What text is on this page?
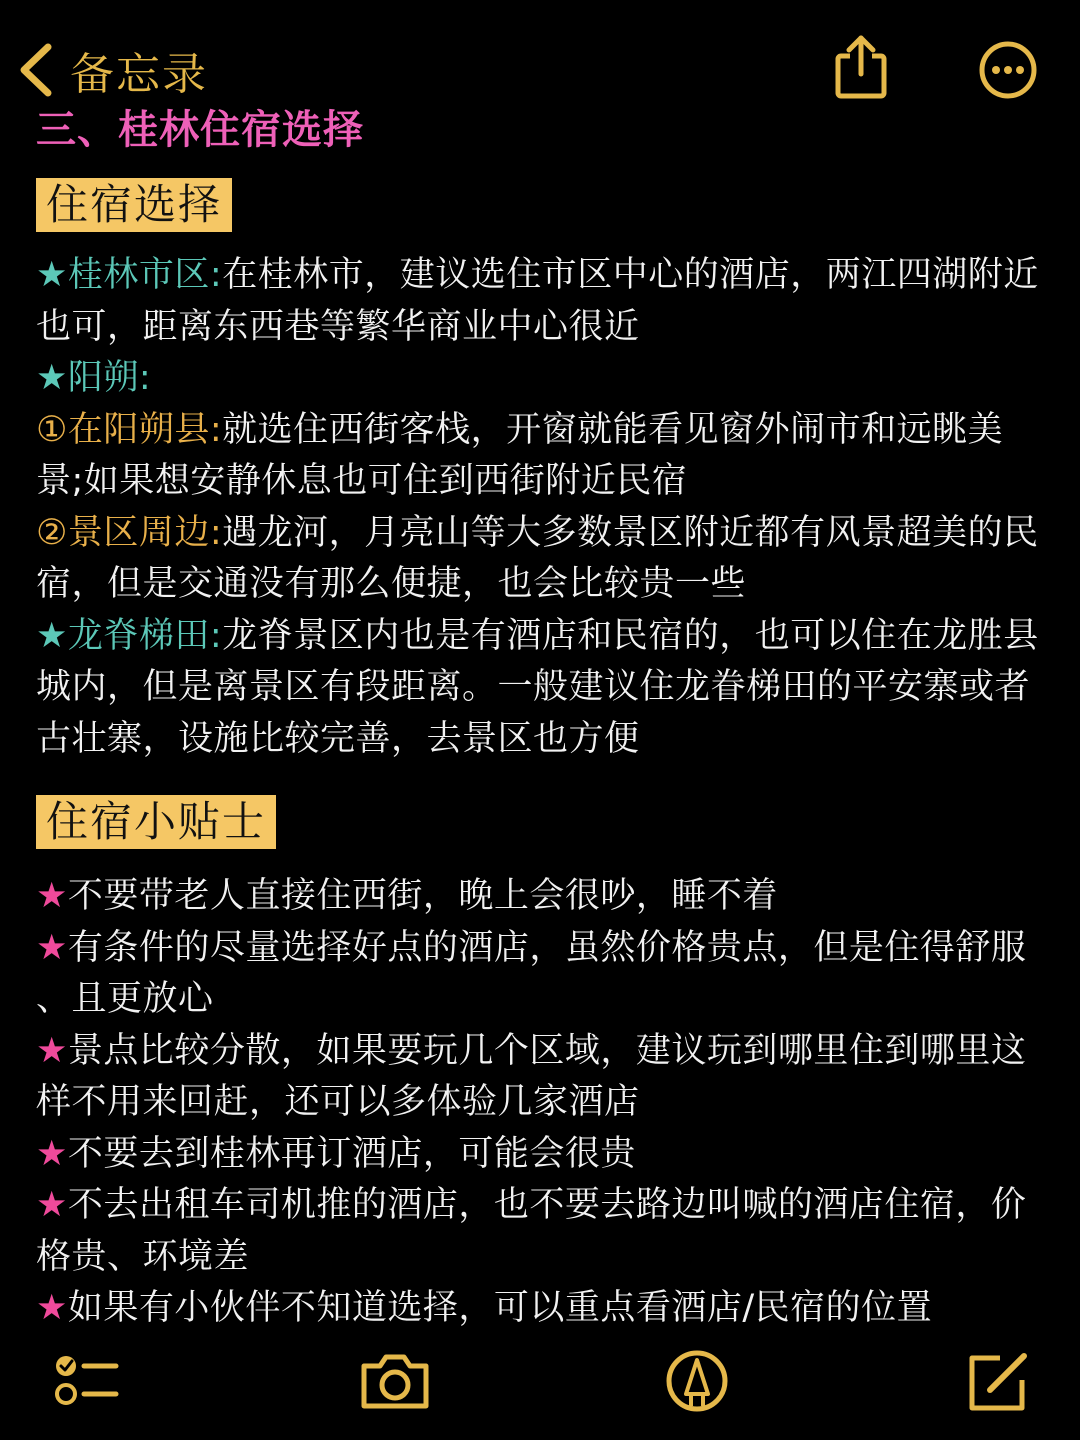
备忘录
三、桂林住宿选择
住宿选择

★桂林市区:在桂林市，建议选住市区中心的酒店，两江四湖附近也可，距离东西巷等繁华商业中心很近

★阳朔:

①在阳朔县:就选住西街客栈，开窗就能看见窗外闹市和远眺美景;如果想安静休息也可住到西街附近民宿

②景区周边:遇龙河，月亮山等大多数景区附近都有风景超美的民宿，但是交通没有那么便捷，也会比较贵一些

★龙脊梯田:龙脊景区内也是有酒店和民宿的，也可以住在龙胜县城内，但是离景区有段距离。一般建议住龙眷梯田的平安寨或者古壮寨，设施比较完善，去景区也方便

住宿小贴士

★不要带老人直接住西街，晚上会很吵，睡不着

★有条件的尽量选择好点的酒店，虽然价格贵点，但是住得舒服 、且更放心

★景点比较分散，如果要玩几个区域，建议玩到哪里住到哪里这样不用来回赶，还可以多体验几家酒店

★不要去到桂林再订酒店，可能会很贵

★不去出租车司机推的酒店，也不要去路边叫喊的酒店住宿，价格贵、环境差

★如果有小伙伴不知道选择，可以重点看酒店/民宿的位置
